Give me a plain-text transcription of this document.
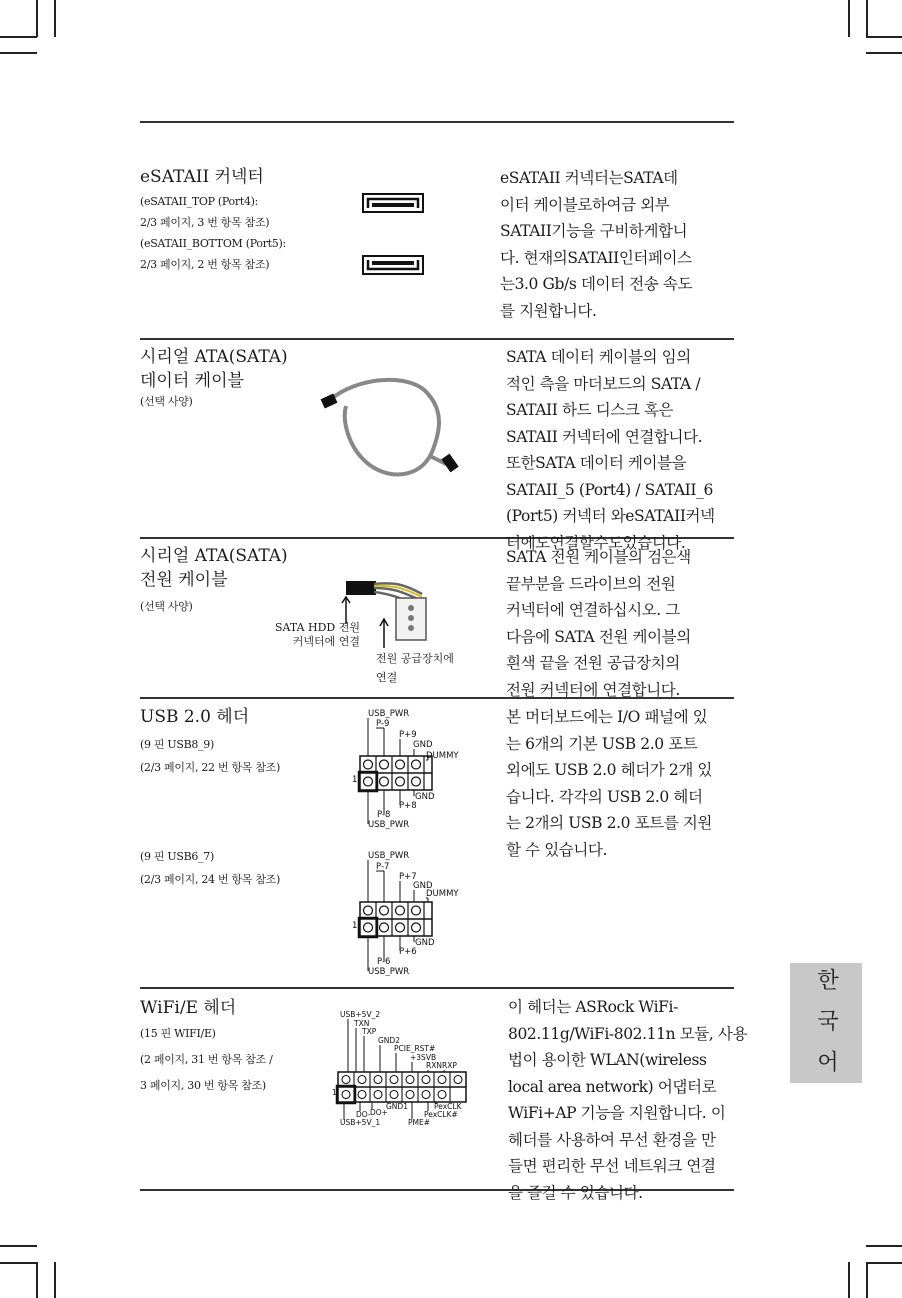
한 국 어
eSATAII 커넥터
(eSATAII_TOP (Port4):
2/3 페이지, 3 번 항목 참조)
(eSATAII_BOTTOM (Port5):
2/3 페이지, 2 번 항목 참조)
eSATAII 커넥터는SATA데
이터 케이블로하여금 외부
SATAII기능을 구비하게합니
다. 현재의SATAII인터페이스
는3.0 Gb/s 데이터 전송 속도
를 지원합니다.
시리얼 ATA(SATA)
데이터 케이블
(선택 사양)
SATA 데이터 케이블의 임의
적인 측을 마더보드의 SATA /
SATAII 하드 디스크 혹은
SATAII 커넥터에 연결합니다.
또한SATA 데이터 케이블을
SATAII_5 (Port4) / SATAII_6
(Port5) 커넥터 와eSATAII커넥
터에도연결할수도있습니다.
시리얼 ATA(SATA)
전원 케이블
(선택 사양)
SATA HDD 전원
커넥터에 연결
전원 공급장치에
연결
SATA 전원 케이블의 검은색
끝부분을 드라이브의 전원
커넥터에 연결하십시오. 그
다음에 SATA 전원 케이블의
흰색 끝을 전원 공급장치의
전원 커넥터에 연결합니다.
USB 2.0 헤더
(9 핀 USB8_9)
(2/3 페이지, 22 번 항목 참조)
(9 핀 USB6_7)
(2/3 페이지, 24 번 항목 참조)
USB_PWR
P-9
P+9
GND
DUMMY
GND
P+8
P-8
USB_PWR
1
USB_PWR
P-7
P+7
GND
DUMMY
GND
P+6
P-6
USB_PWR
1
본 머더보드에는 I/O 패널에 있
는 6개의 기본 USB 2.0 포트
외에도 USB 2.0 헤더가 2개 있
습니다. 각각의 USB 2.0 헤더
는 2개의 USB 2.0 포트를 지원
할 수 있습니다.
WiFi/E 헤더
(15 핀 WIFI/E)
(2 페이지, 31 번 항목 참조 /
3 페이지, 30 번 항목 참조)
USB+5V_2
TXN
TXP
GND2
PCIE_RST#
+3SVB
RXN RXP
GND1	PexCLK
PexCLK#
DO- DO+
USB+5V_1	PME#
1
이 헤더는 ASRock WiFi-
802.11g/WiFi-802.11n 모듈, 사용
법이 용이한 WLAN(wireless
local area network) 어댑터로
WiFi+AP 기능을 지원합니다. 이
헤더를 사용하여 무선 환경을 만
들면 편리한 무선 네트워크 연결
을 즐길 수 있습니다.
